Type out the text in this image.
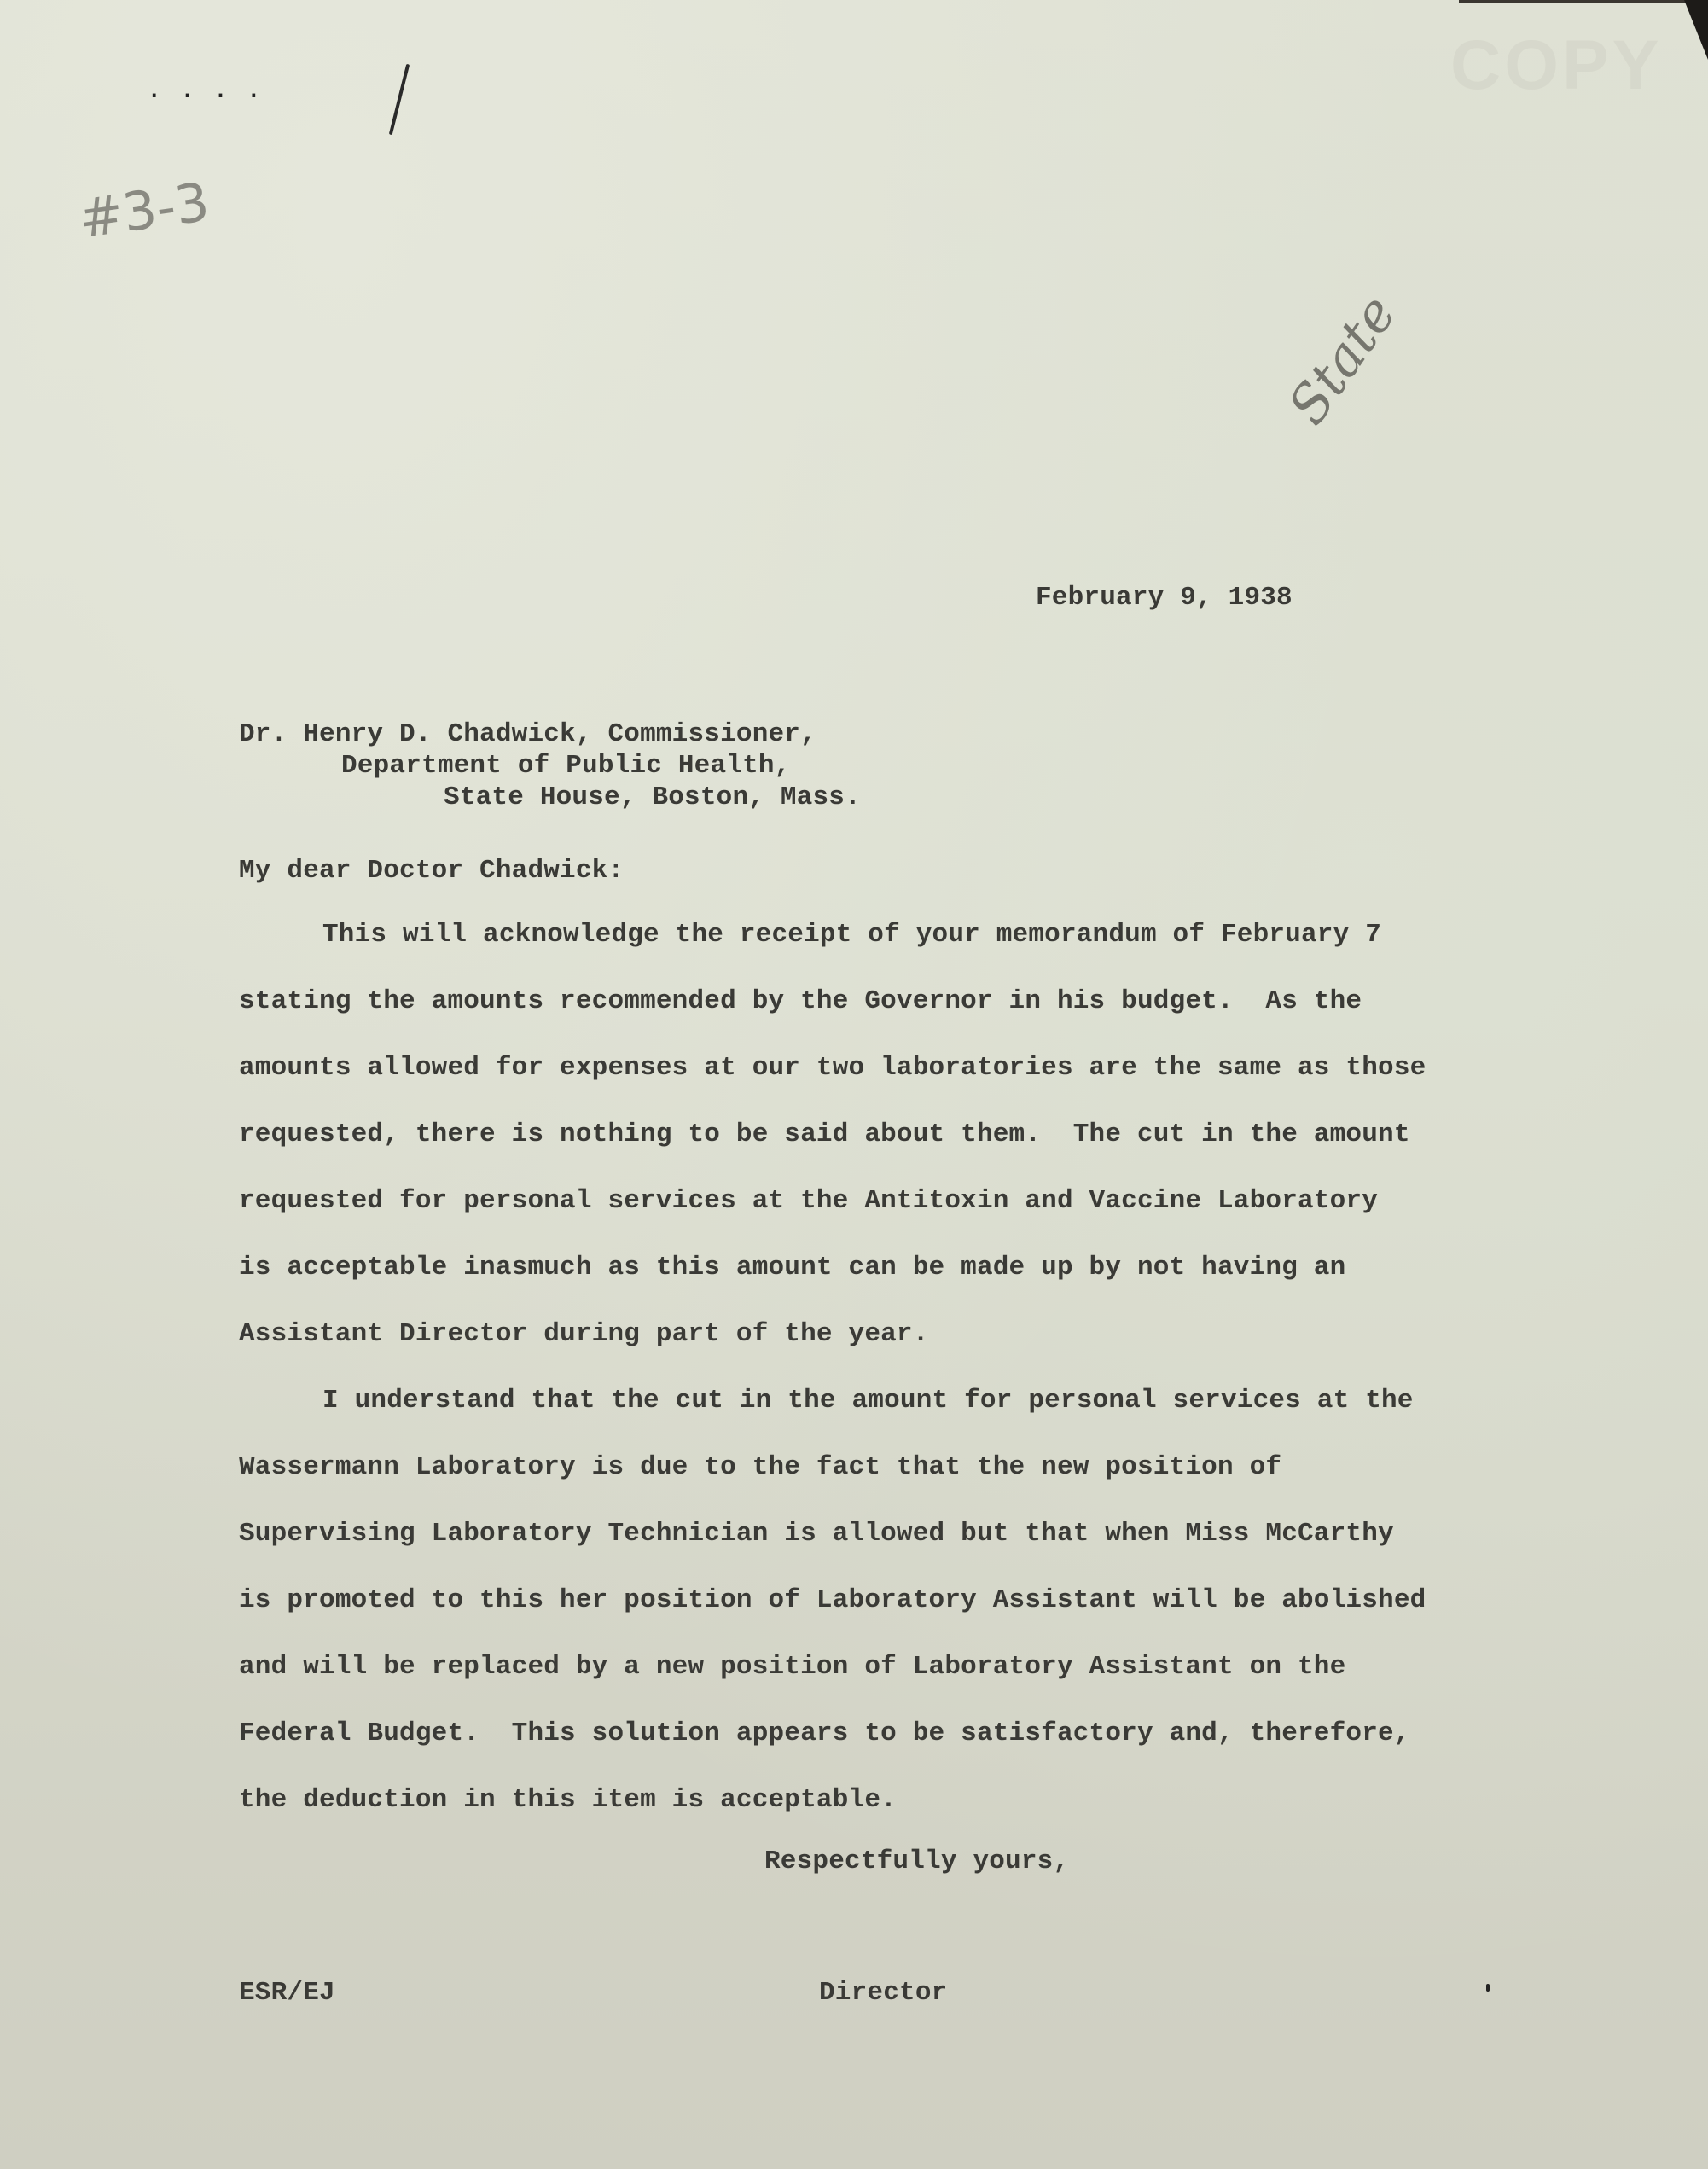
COPY
· · · ·
#3-3
State
February 9, 1938
Dr. Henry D. Chadwick, Commissioner,
Department of Public Health,
State House, Boston, Mass.
My dear Doctor Chadwick:
This will acknowledge the receipt of your memorandum of February 7
stating the amounts recommended by the Governor in his budget.  As the
amounts allowed for expenses at our two laboratories are the same as those
requested, there is nothing to be said about them.  The cut in the amount
requested for personal services at the Antitoxin and Vaccine Laboratory
is acceptable inasmuch as this amount can be made up by not having an
Assistant Director during part of the year.
I understand that the cut in the amount for personal services at the
Wassermann Laboratory is due to the fact that the new position of
Supervising Laboratory Technician is allowed but that when Miss McCarthy
is promoted to this her position of Laboratory Assistant will be abolished
and will be replaced by a new position of Laboratory Assistant on the
Federal Budget.  This solution appears to be satisfactory and, therefore,
the deduction in this item is acceptable.
Respectfully yours,
ESR/EJ	Director
